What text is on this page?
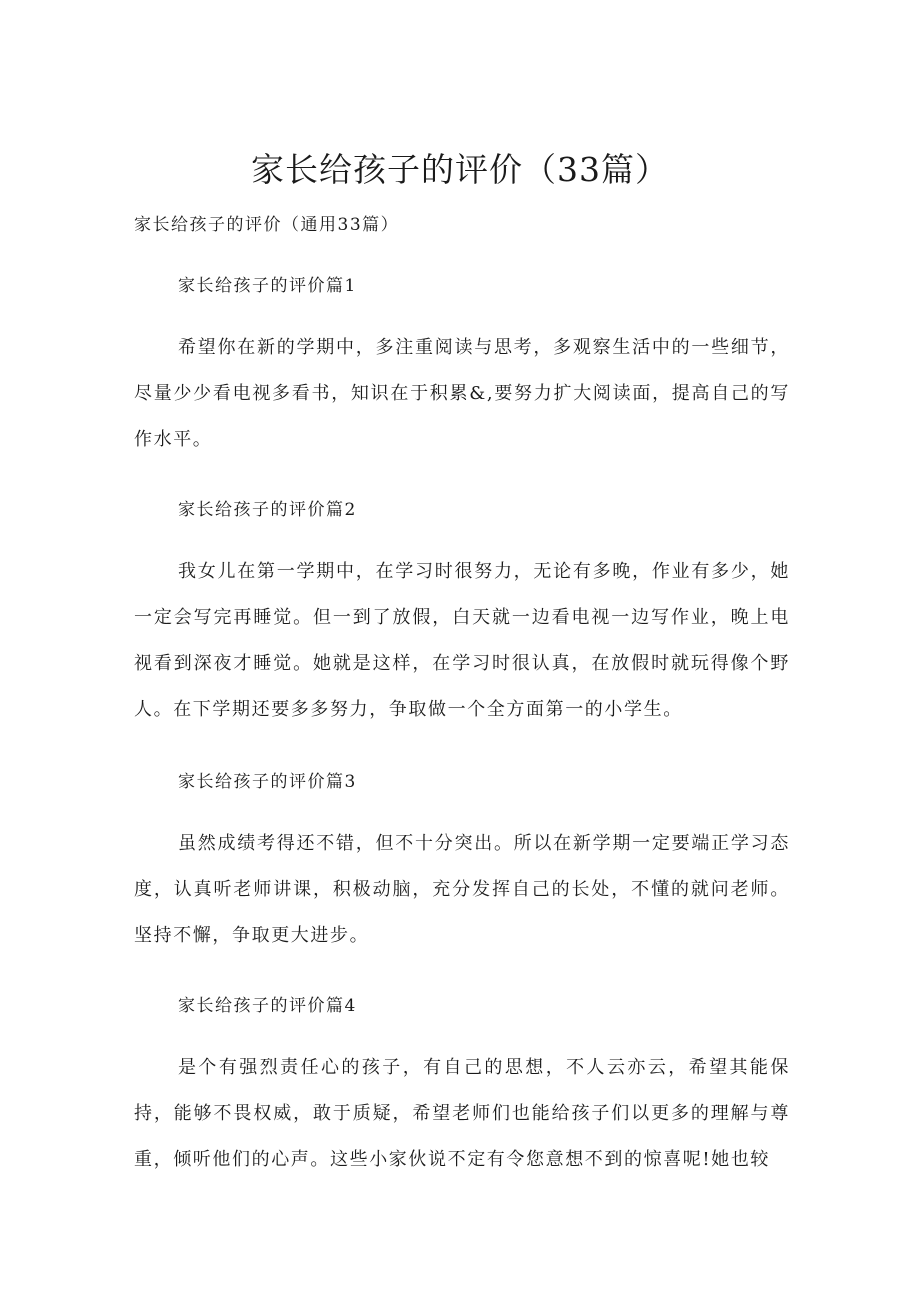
家长给孩子的评价（33篇）

家长给孩子的评价（通用33篇）

家长给孩子的评价篇1

希望你在新的学期中，多注重阅读与思考，多观察生活中的一些细节，尽量少少看电视多看书，知识在于积累&,要努力扩大阅读面，提高自己的写作水平。

家长给孩子的评价篇2

我女儿在第一学期中，在学习时很努力，无论有多晚，作业有多少，她一定会写完再睡觉。但一到了放假，白天就一边看电视一边写作业，晚上电视看到深夜才睡觉。她就是这样，在学习时很认真，在放假时就玩得像个野人。在下学期还要多多努力，争取做一个全方面第一的小学生。

家长给孩子的评价篇3

虽然成绩考得还不错，但不十分突出。所以在新学期一定要端正学习态度，认真听老师讲课，积极动脑，充分发挥自己的长处，不懂的就问老师。坚持不懈，争取更大进步。

家长给孩子的评价篇4

是个有强烈责任心的孩子，有自己的思想，不人云亦云，希望其能保持，能够不畏权威，敢于质疑，希望老师们也能给孩子们以更多的理解与尊重，倾听他们的心声。这些小家伙说不定有令您意想不到的惊喜呢!她也较
